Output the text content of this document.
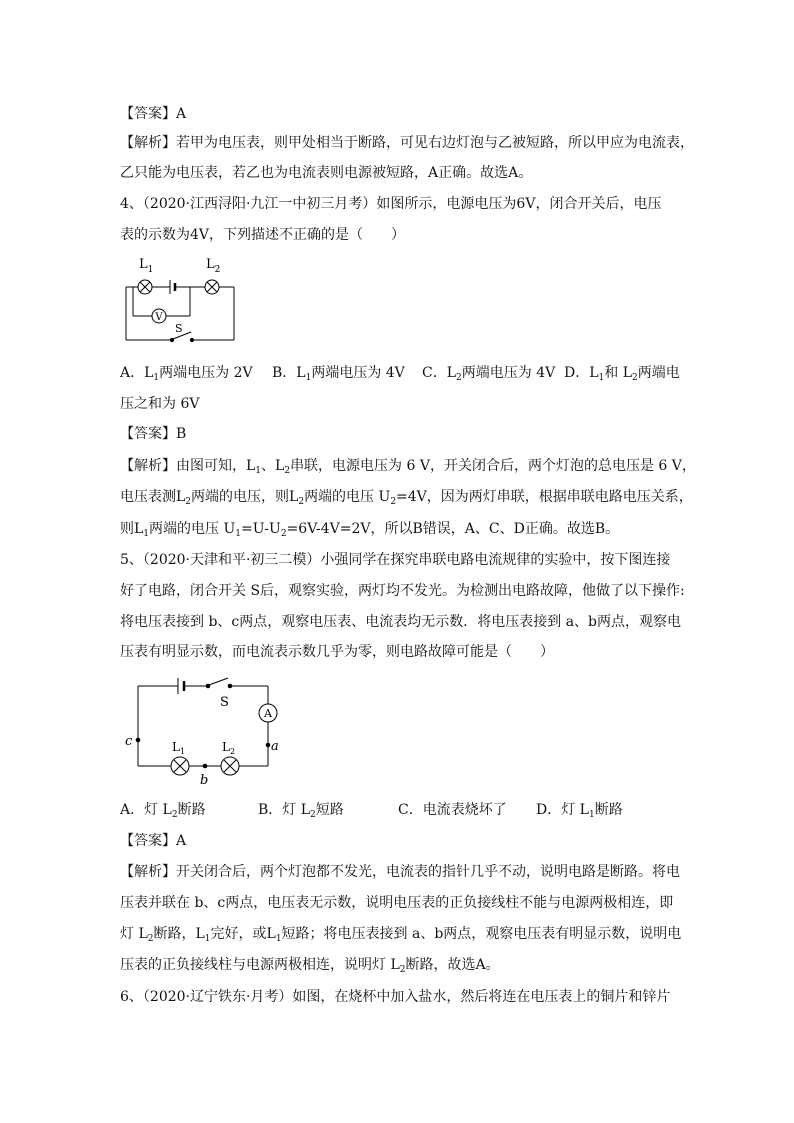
【答案】A
【解析】若甲为电压表，则甲处相当于断路，可见右边灯泡与乙被短路，所以甲应为电流表，
乙只能为电压表，若乙也为电流表则电源被短路，A正确。故选A。
4、（2020·江西浔阳·九江一中初三月考）如图所示，电源电压为6V，闭合开关后，电压
表的示数为4V，下列描述不正确的是（　　）
$L_1$	$L_2$
V
S
A．$L_1$两端电压为 2V B．$L_1$两端电压为 4V C．$L_2$两端电压为 4V D．$L_1$和 $L_2$两端电
压之和为 6V
【答案】B
【解析】由图可知，$L_1$、$L_2$串联，电源电压为 6 V，开关闭合后，两个灯泡的总电压是 6 V，
电压表测$L_2$两端的电压，则$L_2$两端的电压 $U_2=4V$，因为两灯串联，根据串联电路电压关系，
则$L_1$两端的电压 $U_1=U-U_2=6V-4V=2V$，所以B错误，A、C、D正确。故选B。
5、（2020·天津和平·初三二模）小强同学在探究串联电路电流规律的实验中，按下图连接
好了电路，闭合开关 S后，观察实验，两灯均不发光。为检测出电路故障，他做了以下操作:
将电压表接到 b、c两点，观察电压表、电流表均无示数．将电压表接到 a、b两点，观察电
压表有明显示数，而电流表示数几乎为零，则电路故障可能是（　　）
A
S
c	a
b
$L_1$	$L_2$
A．灯 $L_2$断路	B．灯 $L_2$短路	C．电流表烧坏了 D．灯 $L_1$断路
【答案】A
【解析】开关闭合后，两个灯泡都不发光，电流表的指针几乎不动，说明电路是断路。将电
压表并联在 b、c两点，电压表无示数，说明电压表的正负接线柱不能与电源两极相连，即
灯 $L_2$断路，$L_1$完好，或$L_1$短路；将电压表接到 a、b两点，观察电压表有明显示数，说明电
压表的正负接线柱与电源两极相连，说明灯 $L_2$断路，故选A。
6、（2020·辽宁铁东·月考）如图，在烧杯中加入盐水，然后将连在电压表上的铜片和锌片
